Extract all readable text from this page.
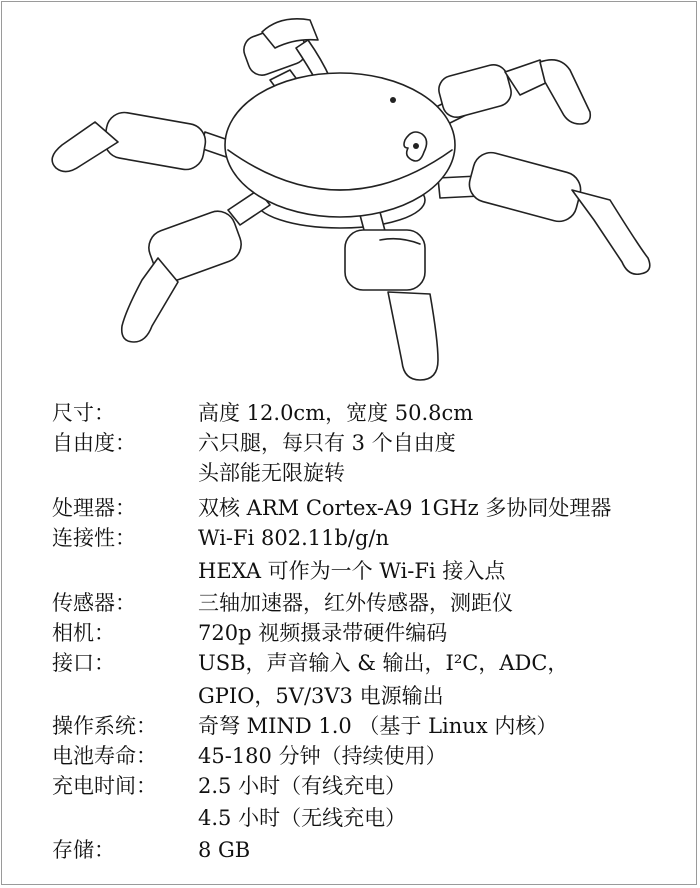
尺寸：	高度 12.0cm，宽度 50.8cm
自由度：	六只腿，每只有 3 个自由度
头部能无限旋转
处理器：	双核 ARM Cortex-A9 1GHz 多协同处理器
连接性：	Wi-Fi 802.11b/g/n
HEXA 可作为一个 Wi-Fi 接入点
传感器：	三轴加速器，红外传感器，测距仪
相机：	720p 视频摄录带硬件编码
接口：	USB，声音输入 & 输出，I²C，ADC，
GPIO，5V/3V3 电源输出
操作系统： 奇弩 MIND 1.0 （基于 Linux 内核）
电池寿命： 45-180 分钟（持续使用）
充电时间： 2.5 小时（有线充电）
4.5 小时（无线充电）
存储：	8 GB
